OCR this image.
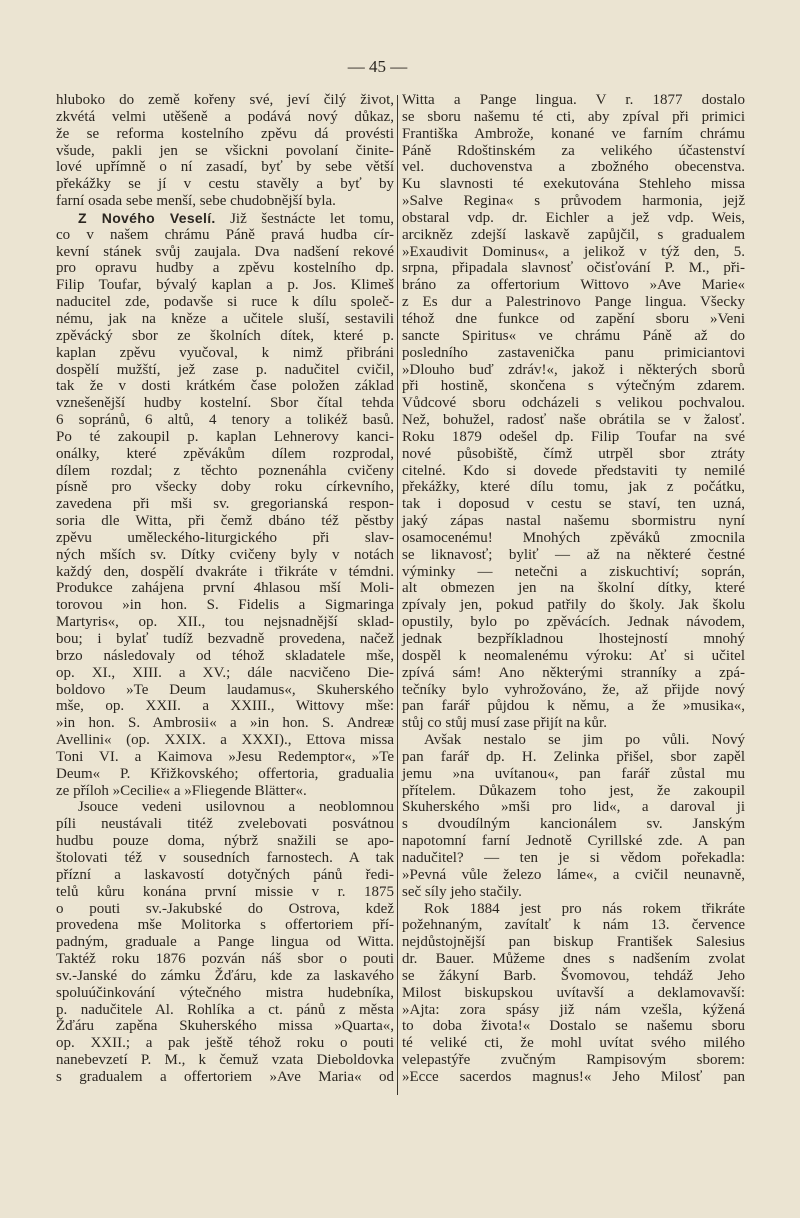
— 45 —
hluboko do země kořeny své, jeví čilý život,
zkvétá velmi utěšeně a podává nový důkaz,
že se reforma kostelního zpěvu dá provésti
všude, pakli jen se všickni povolaní činite-
lové upřímně o ní zasadí, byť by sebe větší
překážky se jí v cestu stavěly a byť by
farní osada sebe menší, sebe chudobnější byla.
Z Nového Veselí. Již šestnácte let tomu,
co v našem chrámu Páně pravá hudba cír-
kevní stánek svůj zaujala. Dva nadšení rekové
pro opravu hudby a zpěvu kostelního dp.
Filip Toufar, bývalý kaplan a p. Jos. Klimeš
naducitel zde, podavše si ruce k dílu společ-
nému, jak na kněze a učitele sluší, sestavili
zpěvácký sbor ze školních dítek, které p.
kaplan zpěvu vyučoval, k nimž přibráni
dospělí mužští, jež zase p. nadučitel cvičil,
tak že v dosti krátkém čase položen základ
vznešenější hudby kostelní. Sbor čítal tehda
6 sopránů, 6 altů, 4 tenory a tolikéž basů.
Po té zakoupil p. kaplan Lehnerovy kanci-
onálky, které zpěvákům dílem rozprodal,
dílem rozdal; z těchto poznenáhla cvičeny
písně pro všecky doby roku církevního,
zavedena při mši sv. gregorianská respon-
soria dle Witta, při čemž dbáno též pěstby
zpěvu uměleckého-liturgického při slav-
ných mších sv. Dítky cvičeny byly v notách
každý den, dospělí dvakráte i třikráte v témdni.
Produkce zahájena první 4hlasou mší Moli-
torovou »in hon. S. Fidelis a Sigmaringa
Martyris«, op. XII., tou nejsnadnější sklad-
bou; i bylať tudíž bezvadně provedena, načež
brzo následovaly od téhož skladatele mše,
op. XI., XIII. a XV.; dále nacvičeno Die-
boldovo »Te Deum laudamus«, Skuherského
mše, op. XXII. a XXIII., Wittovy mše:
»in hon. S. Ambrosii« a »in hon. S. Andreæ
Avellini« (op. XXIX. a XXXI)., Ettova missa
Toni VI. a Kaimova »Jesu Redemptor«, »Te
Deum« P. Křižkovského; offertoria, gradualia
ze příloh »Cecilie« a »Fliegende Blätter«.
Jsouce vedeni usilovnou a neoblomnou
píli neustávali titéž zvelebovati posvátnou
hudbu pouze doma, nýbrž snažili se apo-
štolovati též v sousedních farnostech. A tak
přízní a laskavostí dotyčných pánů ředi-
telů kůru konána první missie v r. 1875
o pouti sv.-Jakubské do Ostrova, kdež
provedena mše Molitorka s offertoriem pří-
padným, graduale a Pange lingua od Witta.
Taktéž roku 1876 pozván náš sbor o pouti
sv.-Janské do zámku Žďáru, kde za laskavého
spoluúčinkování výtečného mistra hudebníka,
p. nadučitele Al. Rohlíka a ct. pánů z města
Žďáru zapěna Skuherského missa »Quarta«,
op. XXII.; a pak ještě téhož roku o pouti
nanebevzetí P. M., k čemuž vzata Dieboldovka
s gradualem a offertoriem »Ave Maria« od
Witta a Pange lingua. V r. 1877 dostalo
se sboru našemu té cti, aby zpíval při primici
Františka Ambrože, konané ve farním chrámu
Páně Rdoštinském za velikého účastenství
vel. duchovenstva a zbožného obecenstva.
Ku slavnosti té exekutována Stehleho missa
»Salve Regina« s průvodem harmonia, jejž
obstaral vdp. dr. Eichler a jež vdp. Weis,
arcikněz zdejší laskavě zapůjčil, s gradualem
»Exaudivit Dominus«, a jelikož v týž den, 5.
srpna, připadala slavnosť očisťování P. M., při-
bráno za offertorium Wittovo »Ave Marie«
z Es dur a Palestrinovo Pange lingua. Všecky
téhož dne funkce od zapění sboru »Veni
sancte Spiritus« ve chrámu Páně až do
posledního zastavenička panu primiciantovi
»Dlouho buď zdráv!«, jakož i některých sborů
při hostině, skončena s výtečným zdarem.
Vůdcové sboru odcházeli s velikou pochvalou.
Než, bohužel, radosť naše obrátila se v žalosť.
Roku 1879 odešel dp. Filip Toufar na své
nové působiště, čímž utrpěl sbor ztráty
citelné. Kdo si dovede představiti ty nemilé
překážky, které dílu tomu, jak z počátku,
tak i doposud v cestu se staví, ten uzná,
jaký zápas nastal našemu sbormistru nyní
osamocenému! Mnohých zpěváků zmocnila
se liknavosť; byliť — až na některé čestné
výminky — netečni a ziskuchtiví; soprán,
alt obmezen jen na školní dítky, které
zpívaly jen, pokud patřily do školy. Jak školu
opustily, bylo po zpěvácích. Jednak návodem,
jednak bezpříkladnou lhostejností mnohý
dospěl k neomalenému výroku: Ať si učitel
zpívá sám! Ano některými stranníky a zpá-
tečníky bylo vyhrožováno, že, až přijde nový
pan farář půjdou k němu, a že »musika«,
stůj co stůj musí zase přijít na kůr.
Avšak nestalo se jim po vůli. Nový
pan farář dp. H. Zelinka přišel, sbor zapěl
jemu »na uvítanou«, pan farář zůstal mu
přítelem. Důkazem toho jest, že zakoupil
Skuherského »mši pro lid«, a daroval ji
s dvoudílným kancionálem sv. Janským
napotomní farní Jednotě Cyrillské zde. A pan
nadučitel? — ten je si vědom pořekadla:
»Pevná vůle železo láme«, a cvičil neunavně,
seč síly jeho stačily.
Rok 1884 jest pro nás rokem třikráte
požehnaným, zavítalť k nám 13. července
nejdůstojnější pan biskup František Salesius
dr. Bauer. Můžeme dnes s nadšením zvolat
se žákyní Barb. Švomovou, tehdáž Jeho
Milost biskupskou uvítavší a deklamovavší:
»Ajta: zora spásy již nám vzešla, kýžená
to doba života!« Dostalo se našemu sboru
té veliké cti, že mohl uvítat svého milého
velepastýře zvučným Rampisovým sborem:
»Ecce sacerdos magnus!« Jeho Milosť pan
